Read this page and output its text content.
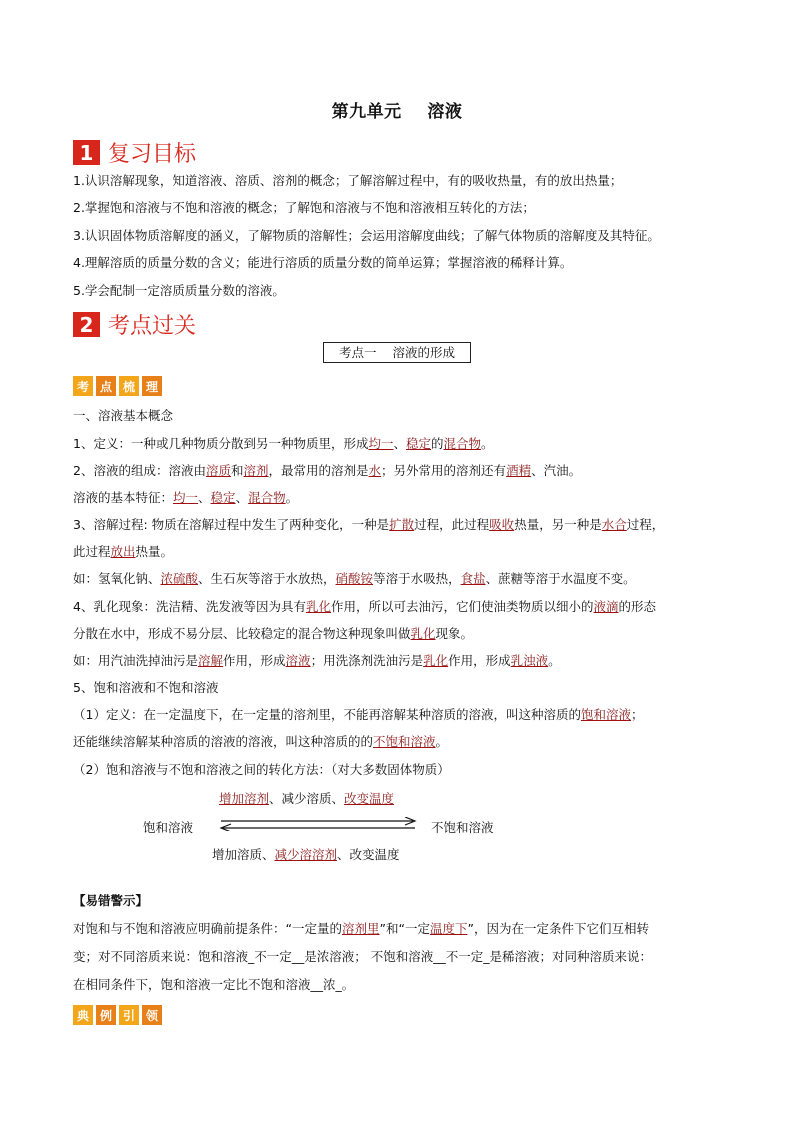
第九单元    溶液
1 复习目标
1.认识溶解现象，知道溶液、溶质、溶剂的概念；了解溶解过程中，有的吸收热量，有的放出热量；
2.掌握饱和溶液与不饱和溶液的概念；了解饱和溶液与不饱和溶液相互转化的方法；
3.认识固体物质溶解度的涵义，了解物质的溶解性；会运用溶解度曲线；了解气体物质的溶解度及其特征。
4.理解溶质的质量分数的含义；能进行溶质的质量分数的简单运算；掌握溶液的稀释计算。
5.学会配制一定溶质质量分数的溶液。
2 考点过关
考点一    溶液的形成
考 点 梳 理
一、溶液基本概念
1、定义：一种或几种物质分散到另一种物质里，形成均一、稳定的混合物。
2、溶液的组成：溶液由溶质和溶剂，最常用的溶剂是水；另外常用的溶剂还有酒精、汽油。
溶液的基本特征：均一、稳定、混合物。
3、溶解过程: 物质在溶解过程中发生了两种变化，一种是扩散过程，此过程吸收热量，另一种是水合过程，
此过程放出热量。
如：氢氧化钠、浓硫酸、生石灰等溶于水放热，硝酸铵等溶于水吸热，食盐、蔗糖等溶于水温度不变。
4、乳化现象：洗洁精、洗发液等因为具有乳化作用，所以可去油污，它们使油类物质以细小的液滴的形态
分散在水中，形成不易分层、比较稳定的混合物这种现象叫做乳化现象。
如：用汽油洗掉油污是溶解作用，形成溶液；用洗涤剂洗油污是乳化作用，形成乳浊液。
5、饱和溶液和不饱和溶液
（1）定义：在一定温度下，在一定量的溶剂里，不能再溶解某种溶质的溶液，叫这种溶质的饱和溶液；
还能继续溶解某种溶质的溶液的溶液，叫这种溶质的的不饱和溶液。
（2）饱和溶液与不饱和溶液之间的转化方法：（对大多数固体物质）
增加溶剂、减少溶质、改变温度
饱和溶液	不饱和溶液
增加溶质、减少溶溶剂、改变温度
【易错警示】
对饱和与不饱和溶液应明确前提条件：“一定量的溶剂里”和“一定温度下”，因为在一定条件下它们互相转
变；对不同溶质来说：饱和溶液_不一定__是浓溶液； 不饱和溶液__不一定_是稀溶液；对同种溶质来说：
在相同条件下，饱和溶液一定比不饱和溶液__浓_。
典 例 引 领
